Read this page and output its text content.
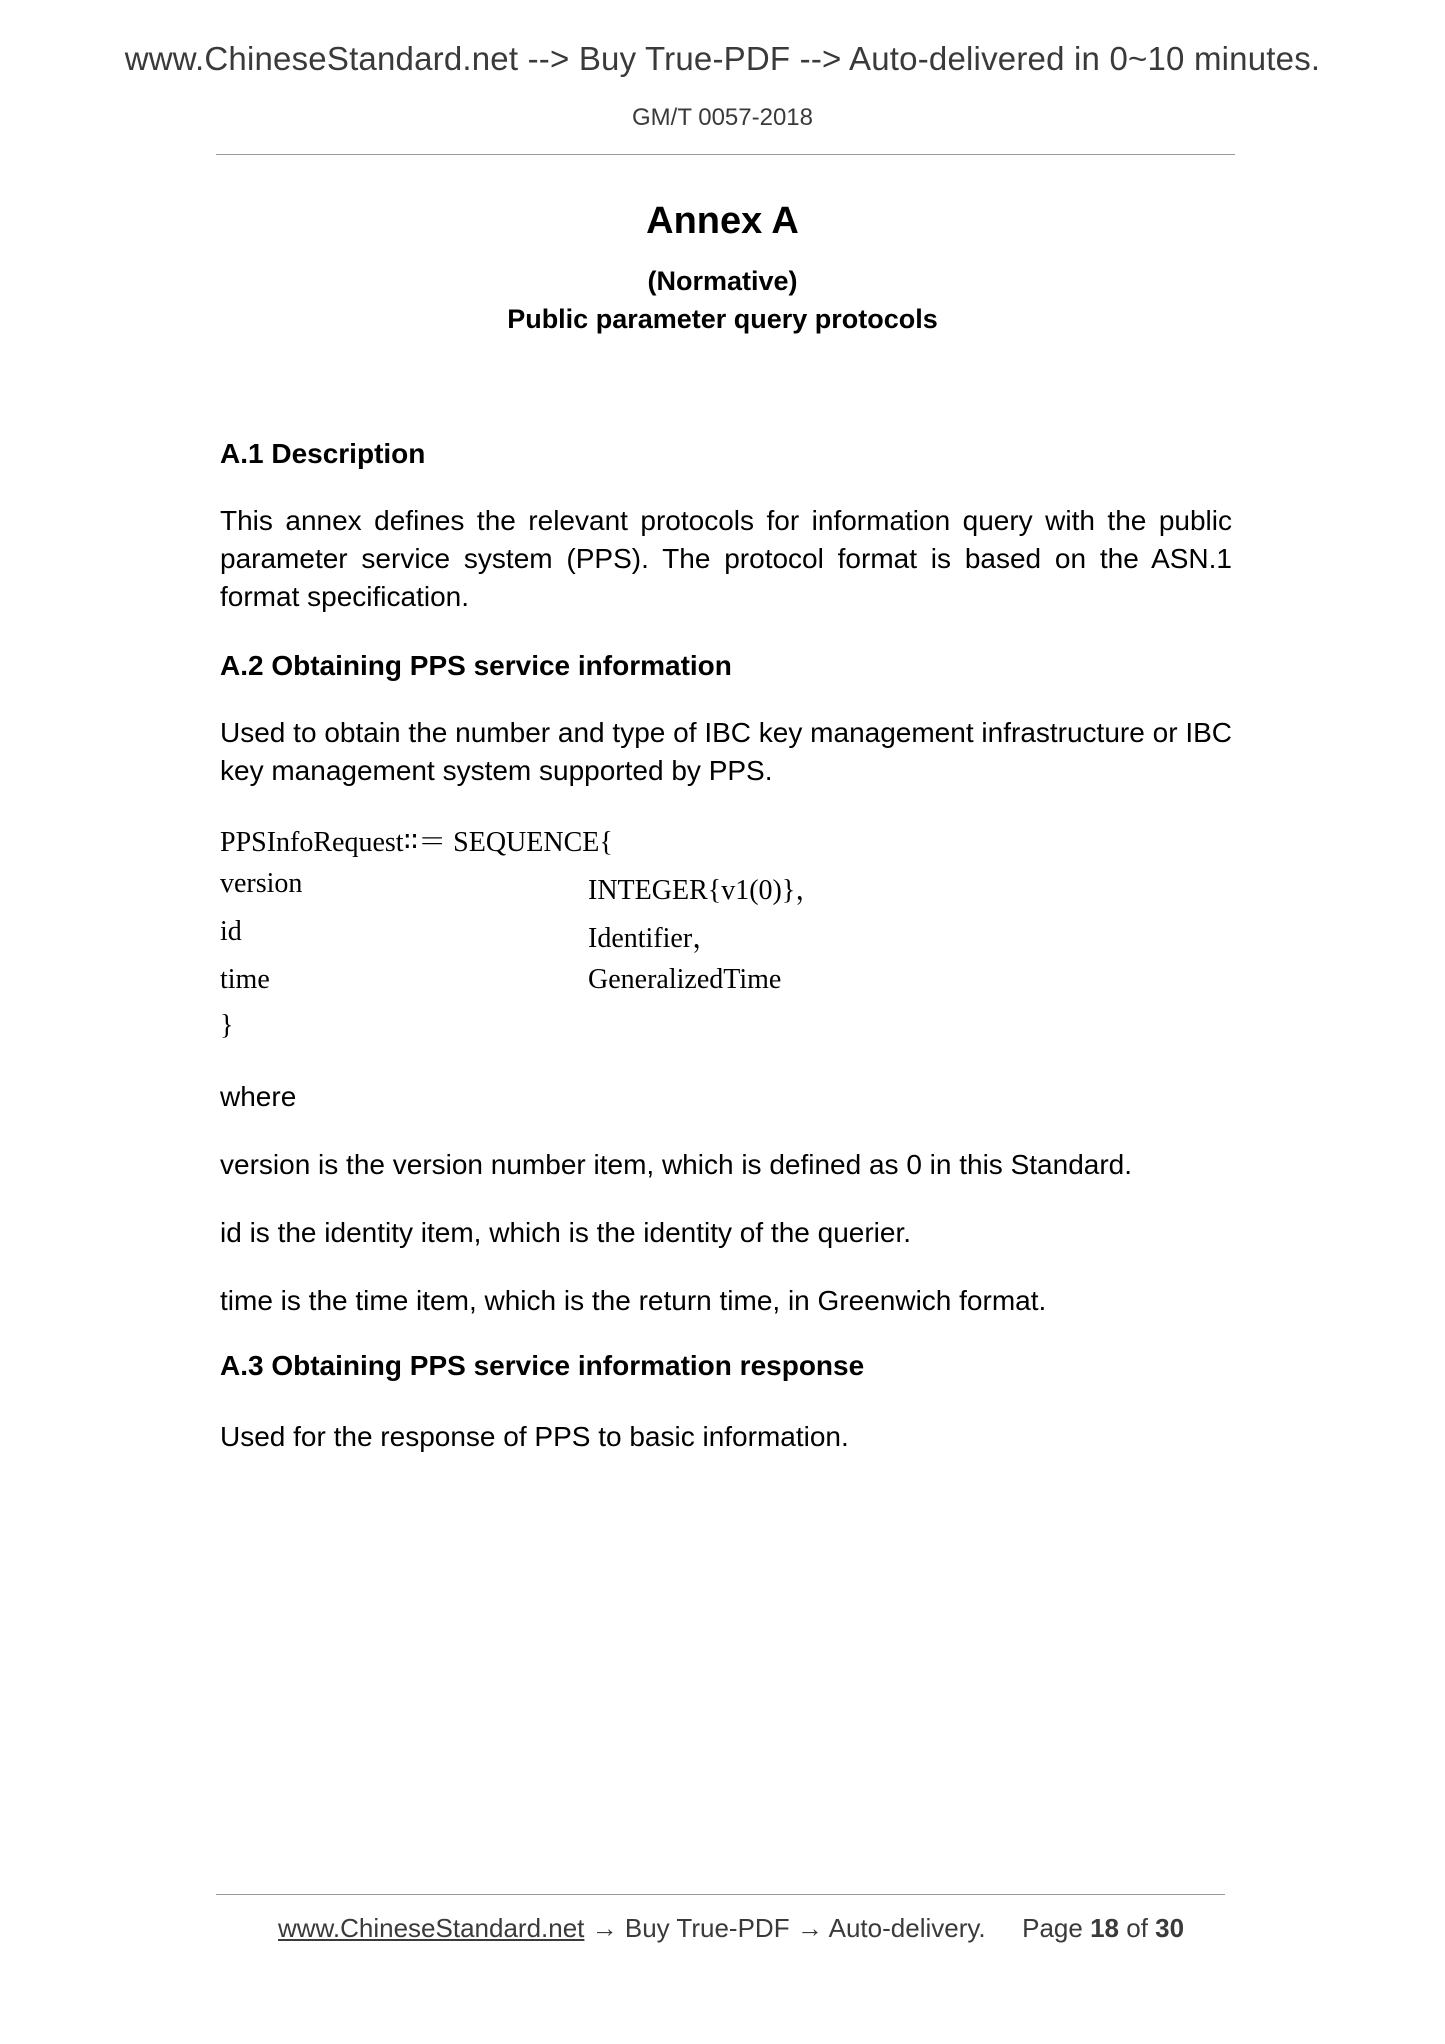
www.ChineseStandard.net --> Buy True-PDF --> Auto-delivered in 0~10 minutes.
GM/T 0057-2018
Annex A
(Normative)
Public parameter query protocols
A.1 Description
This annex defines the relevant protocols for information query with the public parameter service system (PPS). The protocol format is based on the ASN.1 format specification.
A.2 Obtaining PPS service information
Used to obtain the number and type of IBC key management infrastructure or IBC key management system supported by PPS.
PPSInfoRequest∶∶＝ SEQUENCE{
version	INTEGER{v1(0)}，
id	Identifier，
time	GeneralizedTime
}
where
version is the version number item, which is defined as 0 in this Standard.
id is the identity item, which is the identity of the querier.
time is the time item, which is the return time, in Greenwich format.
A.3 Obtaining PPS service information response
Used for the response of PPS to basic information.
www.ChineseStandard.net → Buy True-PDF → Auto-delivery. Page 18 of 30
